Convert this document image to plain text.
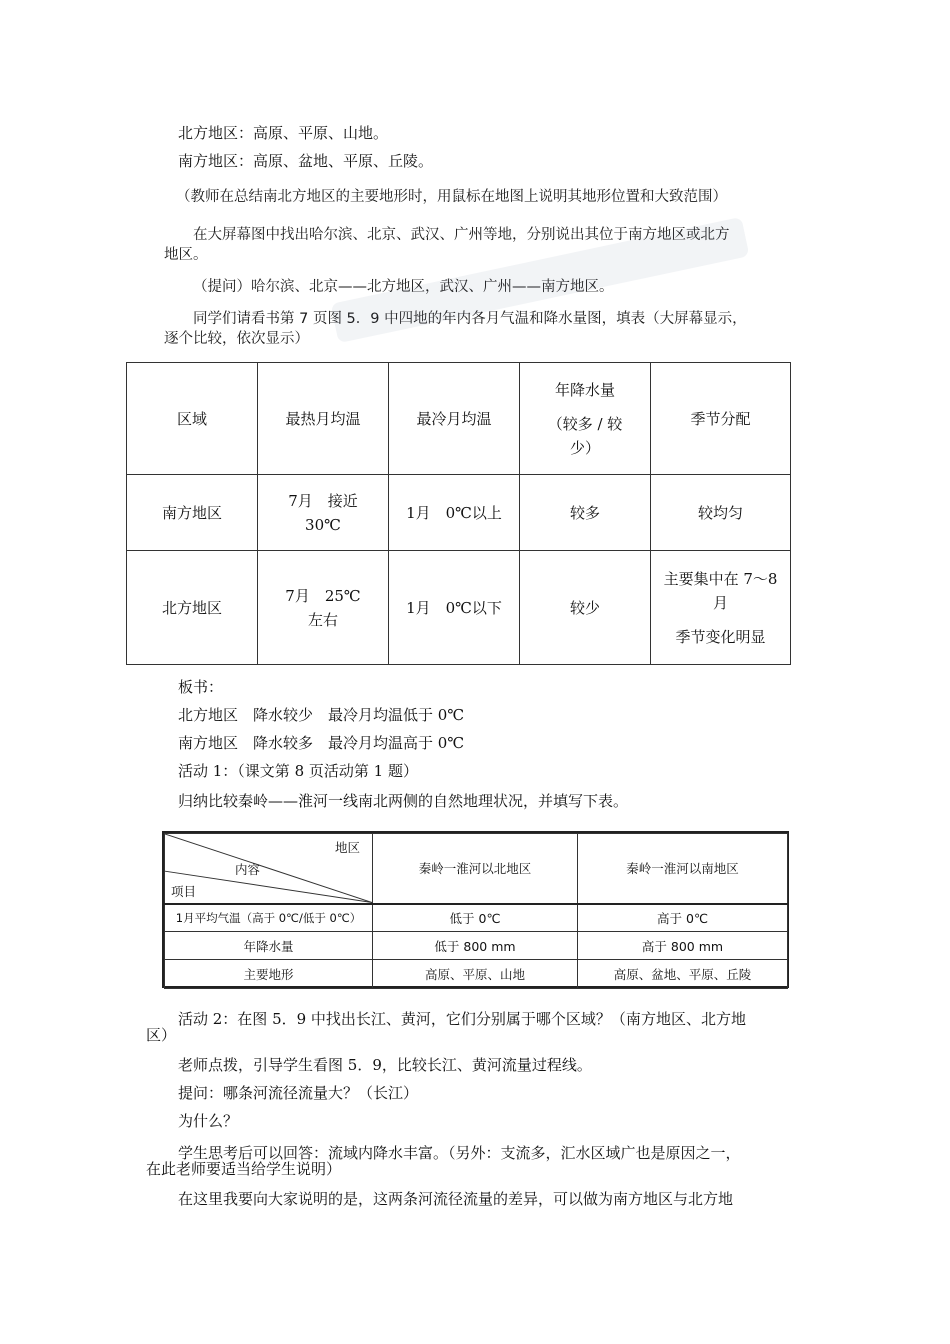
北方地区：高原、平原、山地。
南方地区：高原、盆地、平原、丘陵。
（教师在总结南北方地区的主要地形时，用鼠标在地图上说明其地形位置和大致范围）
在大屏幕图中找出哈尔滨、北京、武汉、广州等地，分别说出其位于南方地区或北方
地区。
（提问）哈尔滨、北京——北方地区，武汉、广州——南方地区。
同学们请看书第 7 页图 5．9 中四地的年内各月气温和降水量图，填表（大屏幕显示，
逐个比较，依次显示）
区域	最热月均温	最冷月均温	年降水量
（较多 / 较
少）	季节分配
南方地区	7月　接近
30℃	1月　0℃以上	较多	较均匀
北方地区	7月　25℃
左右	1月　0℃以下	较少	主要集中在 7～8
月
季节变化明显
板书：
北方地区　降水较少　最冷月均温低于 0℃
南方地区　降水较多　最冷月均温高于 0℃
活动 1：（课文第 8 页活动第 1 题）
归纳比较秦岭——淮河一线南北两侧的自然地理状况，并填写下表。
地区
内容
项目	秦岭一淮河以北地区	秦岭一淮河以南地区
1月平均气温（高于 0℃/低于 0℃）	低于 0℃	高于 0℃
年降水量	低于 800 mm	高于 800 mm
主要地形	高原、平原、山地	高原、盆地、平原、丘陵
活动 2：在图 5．9 中找出长江、黄河，它们分别属于哪个区域？（南方地区、北方地
区）
老师点拨，引导学生看图 5．9，比较长江、黄河流量过程线。
提问：哪条河流径流量大？（长江）
为什么？
学生思考后可以回答：流域内降水丰富。（另外：支流多，汇水区域广也是原因之一，
在此老师要适当给学生说明）
在这里我要向大家说明的是，这两条河流径流量的差异，可以做为南方地区与北方地
